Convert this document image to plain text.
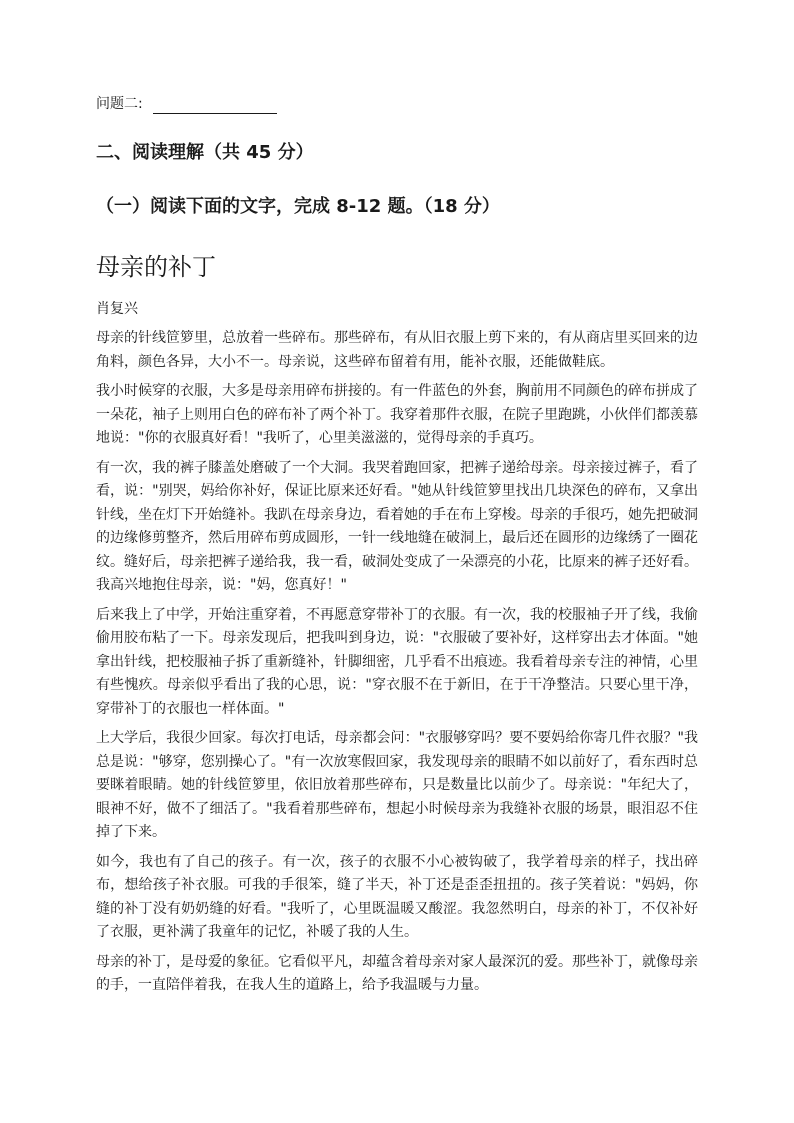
问题二:
二、阅读理解（共 45 分）
（一）阅读下面的文字，完成 8-12 题。（18 分）
母亲的补丁
肖复兴

母亲的针线笸箩里，总放着一些碎布。那些碎布，有从旧衣服上剪下来的，有从商店里买回来的边角料，颜色各异，大小不一。母亲说，这些碎布留着有用，能补衣服，还能做鞋底。

我小时候穿的衣服，大多是母亲用碎布拼接的。有一件蓝色的外套，胸前用不同颜色的碎布拼成了一朵花，袖子上则用白色的碎布补了两个补丁。我穿着那件衣服，在院子里跑跳，小伙伴们都羡慕地说："你的衣服真好看！"我听了，心里美滋滋的，觉得母亲的手真巧。

有一次，我的裤子膝盖处磨破了一个大洞。我哭着跑回家，把裤子递给母亲。母亲接过裤子，看了看，说："别哭，妈给你补好，保证比原来还好看。"她从针线笸箩里找出几块深色的碎布，又拿出针线，坐在灯下开始缝补。我趴在母亲身边，看着她的手在布上穿梭。母亲的手很巧，她先把破洞的边缘修剪整齐，然后用碎布剪成圆形，一针一线地缝在破洞上，最后还在圆形的边缘绣了一圈花纹。缝好后，母亲把裤子递给我，我一看，破洞处变成了一朵漂亮的小花，比原来的裤子还好看。我高兴地抱住母亲，说："妈，您真好！"

后来我上了中学，开始注重穿着，不再愿意穿带补丁的衣服。有一次，我的校服袖子开了线，我偷偷用胶布粘了一下。母亲发现后，把我叫到身边，说："衣服破了要补好，这样穿出去才体面。"她拿出针线，把校服袖子拆了重新缝补，针脚细密，几乎看不出痕迹。我看着母亲专注的神情，心里有些愧疚。母亲似乎看出了我的心思，说："穿衣服不在于新旧，在于干净整洁。只要心里干净，穿带补丁的衣服也一样体面。"

上大学后，我很少回家。每次打电话，母亲都会问："衣服够穿吗？要不要妈给你寄几件衣服？"我总是说："够穿，您别操心了。"有一次放寒假回家，我发现母亲的眼睛不如以前好了，看东西时总要眯着眼睛。她的针线笸箩里，依旧放着那些碎布，只是数量比以前少了。母亲说："年纪大了，眼神不好，做不了细活了。"我看着那些碎布，想起小时候母亲为我缝补衣服的场景，眼泪忍不住掉了下来。

如今，我也有了自己的孩子。有一次，孩子的衣服不小心被钩破了，我学着母亲的样子，找出碎布，想给孩子补衣服。可我的手很笨，缝了半天，补丁还是歪歪扭扭的。孩子笑着说："妈妈，你缝的补丁没有奶奶缝的好看。"我听了，心里既温暖又酸涩。我忽然明白，母亲的补丁，不仅补好了衣服，更补满了我童年的记忆，补暖了我的人生。

母亲的补丁，是母爱的象征。它看似平凡，却蕴含着母亲对家人最深沉的爱。那些补丁，就像母亲的手，一直陪伴着我，在我人生的道路上，给予我温暖与力量。
